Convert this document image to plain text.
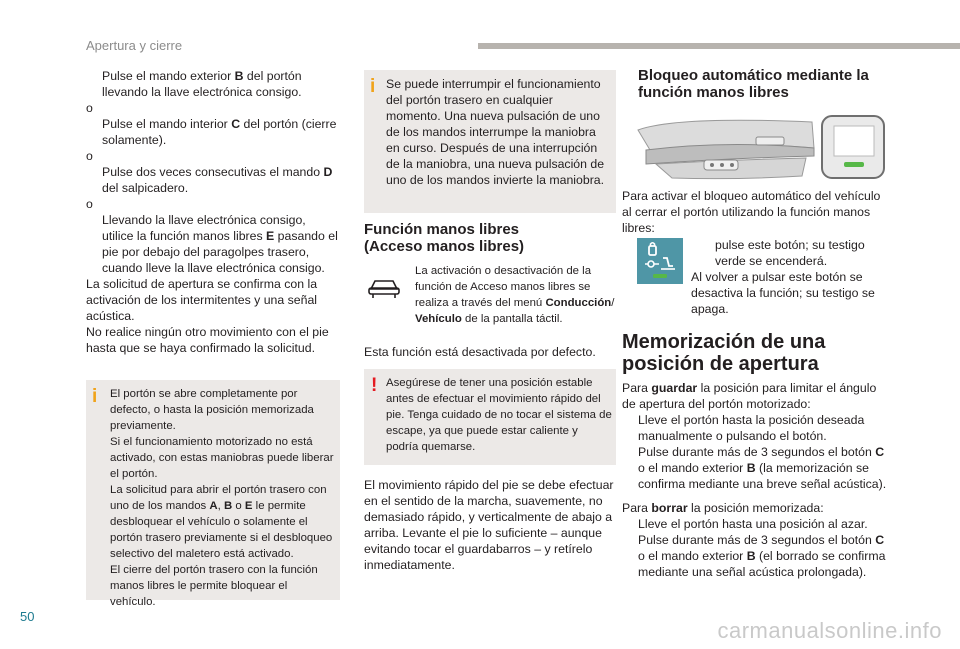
Apertura y cierre
Pulse el mando exterior B del portón llevando la llave electrónica consigo.

o

Pulse el mando interior C del portón (cierre solamente).

o

Pulse dos veces consecutivas el mando D del salpicadero.

o

Llevando la llave electrónica consigo, utilice la función manos libres E pasando el pie por debajo del paragolpes trasero, cuando lleve la llave electrónica consigo.

La solicitud de apertura se confirma con la activación de los intermitentes y una señal acústica.

No realice ningún otro movimiento con el pie hasta que se haya confirmado la solicitud.

i El portón se abre completamente por defecto, o hasta la posición memorizada previamente.
Si el funcionamiento motorizado no está activado, con estas maniobras puede liberar el portón.
La solicitud para abrir el portón trasero con uno de los mandos A, B o E le permite desbloquear el vehículo o solamente el portón trasero previamente si el desbloqueo selectivo del maletero está activado.
El cierre del portón trasero con la función manos libres le permite bloquear el vehículo.
i Se puede interrumpir el funcionamiento del portón trasero en cualquier momento. Una nueva pulsación de uno de los mandos interrumpe la maniobra en curso. Después de una interrupción de la maniobra, una nueva pulsación de uno de los mandos invierte la maniobra.
Función manos libres
(Acceso manos libres)
La activación o desactivación de la función de Acceso manos libres se realiza a través del menú Conducción/ Vehículo de la pantalla táctil.
Esta función está desactivada por defecto.
! Asegúrese de tener una posición estable antes de efectuar el movimiento rápido del pie. Tenga cuidado de no tocar el sistema de escape, ya que puede estar caliente y podría quemarse.
El movimiento rápido del pie se debe efectuar en el sentido de la marcha, suavemente, no demasiado rápido, y verticalmente de abajo a arriba. Levante el pie lo suficiente – aunque evitando tocar el guardabarros – y retírelo inmediatamente.
Bloqueo automático mediante la
función manos libres
Para activar el bloqueo automático del vehículo al cerrar el portón utilizando la función manos libres:
pulse este botón; su testigo verde se encenderá.
Al volver a pulsar este botón se desactiva la función; su testigo se apaga.
Memorización de una
posición de apertura

Para guardar la posición para limitar el ángulo de apertura del portón motorizado:

Lleve el portón hasta la posición deseada manualmente o pulsando el botón.
Pulse durante más de 3 segundos el botón C o el mando exterior B (la memorización se confirma mediante una breve señal acústica).

Para borrar la posición memorizada:

Lleve el portón hasta una posición al azar.
Pulse durante más de 3 segundos el botón C o el mando exterior B (el borrado se confirma mediante una señal acústica prolongada).
50
carmanualsonline.info
